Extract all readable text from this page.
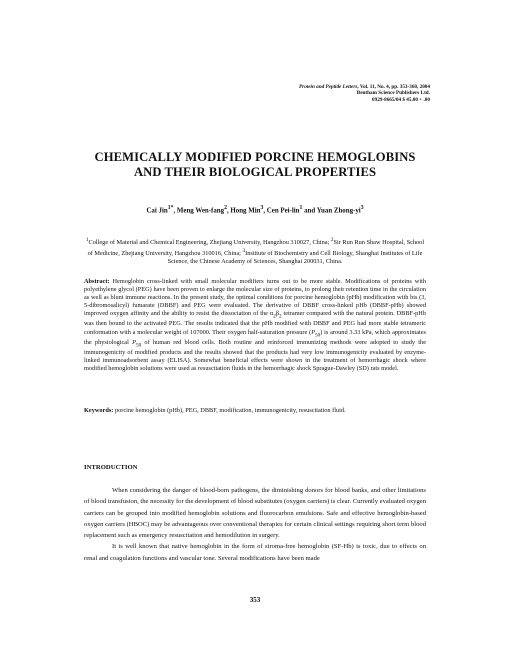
Protein and Peptide Letters, Vol. 11, No. 4, pp. 353-360, 2004
Bentham Science Publishers Ltd.
0929-8665/04 $ 45.00 + .00
CHEMICALLY MODIFIED PORCINE HEMOGLOBINS
AND THEIR BIOLOGICAL PROPERTIES
Cai Jin$^{1*}$, Meng Wen-fang$^2$, Hong Min$^3$, Cen Pei-lin$^1$ and Yuan Zhong-$yi^3$
$^1$College of Material and Chemical Engineering, Zhejiang University, Hangzhou 310027, China; $^2$Sir Run Run Shaw Hospital, School of Medicine, Zhejiang University, Hangzhou 310016, China; $^3$Institute of Biochemistry and Cell Biology, Shanghai Institutes of Life Science, the Chinese Academy of Sciences, Shanghai 200031, China.
Abstract: Hemoglobin cross-linked with small molecular modifiers turns out to be more stable. Modifications of proteins with polyethylene glycol (PEG) have been proven to enlarge the molecular size of proteins, to prolong their retention time in the circulation as well as blunt immune reactions. In the present study, the optimal conditions for porcine hemoglobin (pHb) modification with bis (3, 5-dibromosalicyl) fumarate (DBBF) and PEG were evaluated. The derivative of DBBF cross-linked pHb (DBBF-pHb) showed improved oxygen affinity and the ability to resist the dissociation of the $\alpha_2\beta_2$ tetramer compared with the natural protein. DBBF-pHb was then bound to the activated PEG. The results indicated that the pHb modified with DBBF and PEG had more stable tetrameric conformation with a molecular weight of 107000. Their oxygen half-saturation pressure $(P_{50})$ is around 3.33 kPa, which approximates the physiological $P_{50}$ of human red blood cells. Both routine and reinforced immunizing methods were adopted to study the immunogenicity of modified products and the results showed that the products had very low immunogenicity evaluated by enzyme-linked immunoadsorbent assay (ELISA). Somewhat beneficial effects were shown in the treatment of hemorrhagic shock where modified hemoglobin solutions were used as resuscitation fluids in the hemorrhagic shock Sprague-Dawley (SD) rats model.
Keywords: porcine hemoglobin (pHb), PEG, DBBF, modification, immunogenicity, resuscitation fluid.
INTRODUCTION

When considering the danger of blood-born pathogens, the diminishing donors for blood banks, and other limitations of blood transfusion, the necessity for the development of blood substitutes (oxygen carriers) is clear. Currently evaluated oxygen carriers can be grouped into modified hemoglobin solutions and fluorocarbon emulsions. Safe and effective hemoglobin-based oxygen carriers (HBOC) may be advantageous over conventional therapies for certain clinical settings requiring short term blood replacement such as emergency resuscitation and hemodilution in surgery.

It is well known that native hemoglobin in the form of stroma-free hemoglobin (SF-Hb) is toxic, due to effects on renal and coagulation functions and vascular tone. Several modifications have been made

353
